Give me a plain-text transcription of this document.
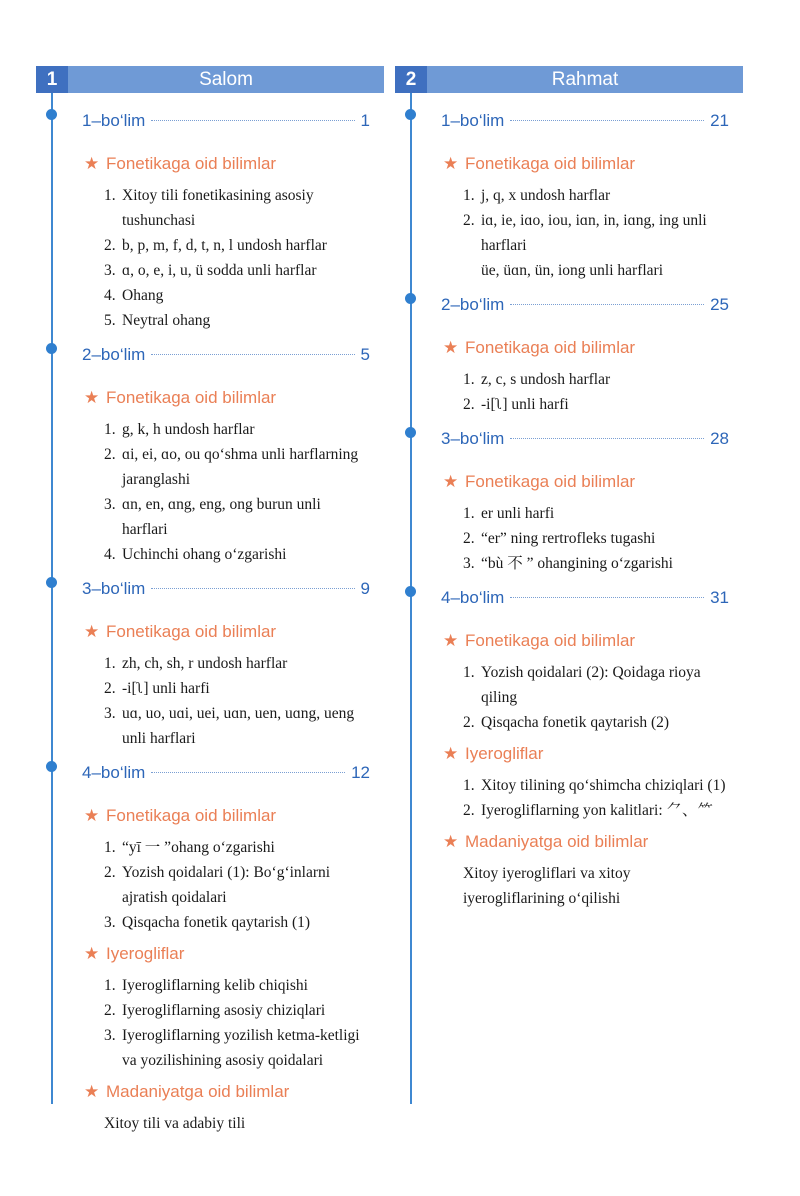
1	Salom
1–bo‘lim	1
★ Fonetikaga oid bilimlar
1. Xitoy tili fonetikasining asosiy tushunchasi
2. b, p, m, f, d, t, n, l undosh harflar
3. ɑ, o, e, i, u, ü sodda unli harflar
4. Ohang
5. Neytral ohang
2–bo‘lim	5
★ Fonetikaga oid bilimlar
1. g, k, h undosh harflar
2. ɑi, ei, ɑo, ou qo‘shma unli harflarning jaranglashi
3. ɑn, en, ɑng, eng, ong burun unli harflari
4. Uchinchi ohang o‘zgarishi
3–bo‘lim	9
★ Fonetikaga oid bilimlar
1. zh, ch, sh, r undosh harflar
2. -i[ʅ] unli harfi
3. uɑ, uo, uɑi, uei, uɑn, uen, uɑng, ueng unli harflari
4–bo‘lim	12
★ Fonetikaga oid bilimlar
1. “yī 一 ”ohang o‘zgarishi
2. Yozish qoidalari (1): Bo‘g‘inlarni ajratish qoidalari
3. Qisqacha fonetik qaytarish (1)
★ Iyerogliflar
1. Iyerogliflarning kelib chiqishi
2. Iyerogliflarning asosiy chiziqlari
3. Iyerogliflarning yozilish ketma-ketligi va yozilishining asosiy qoidalari
★ Madaniyatga oid bilimlar
Xitoy tili va adabiy tili
2	Rahmat
1–bo‘lim	21
★ Fonetikaga oid bilimlar
1. j, q, x undosh harflar
2. iɑ, ie, iɑo, iou, iɑn, in, iɑng, ing unli harflari
üe, üɑn, ün, iong unli harflari
2–bo‘lim	25
★ Fonetikaga oid bilimlar
1. z, c, s undosh harflar
2. -i[ʅ] unli harfi
3–bo‘lim	28
★ Fonetikaga oid bilimlar
1. er unli harfi
2. “er” ning rertrofleks tugashi
3. “bù 不 ” ohangining o‘zgarishi
4–bo‘lim	31
★ Fonetikaga oid bilimlar
1. Yozish qoidalari (2): Qoidaga rioya qiling
2. Qisqacha fonetik qaytarish (2)
★ Iyerogliflar
1. Xitoy tilining qo‘shimcha chiziqlari (1)
2. Iyerogliflarning yon kalitlari: ⺈、⺮
★ Madaniyatga oid bilimlar
Xitoy iyerogliflari va xitoy iyerogliflarining o‘qilishi
